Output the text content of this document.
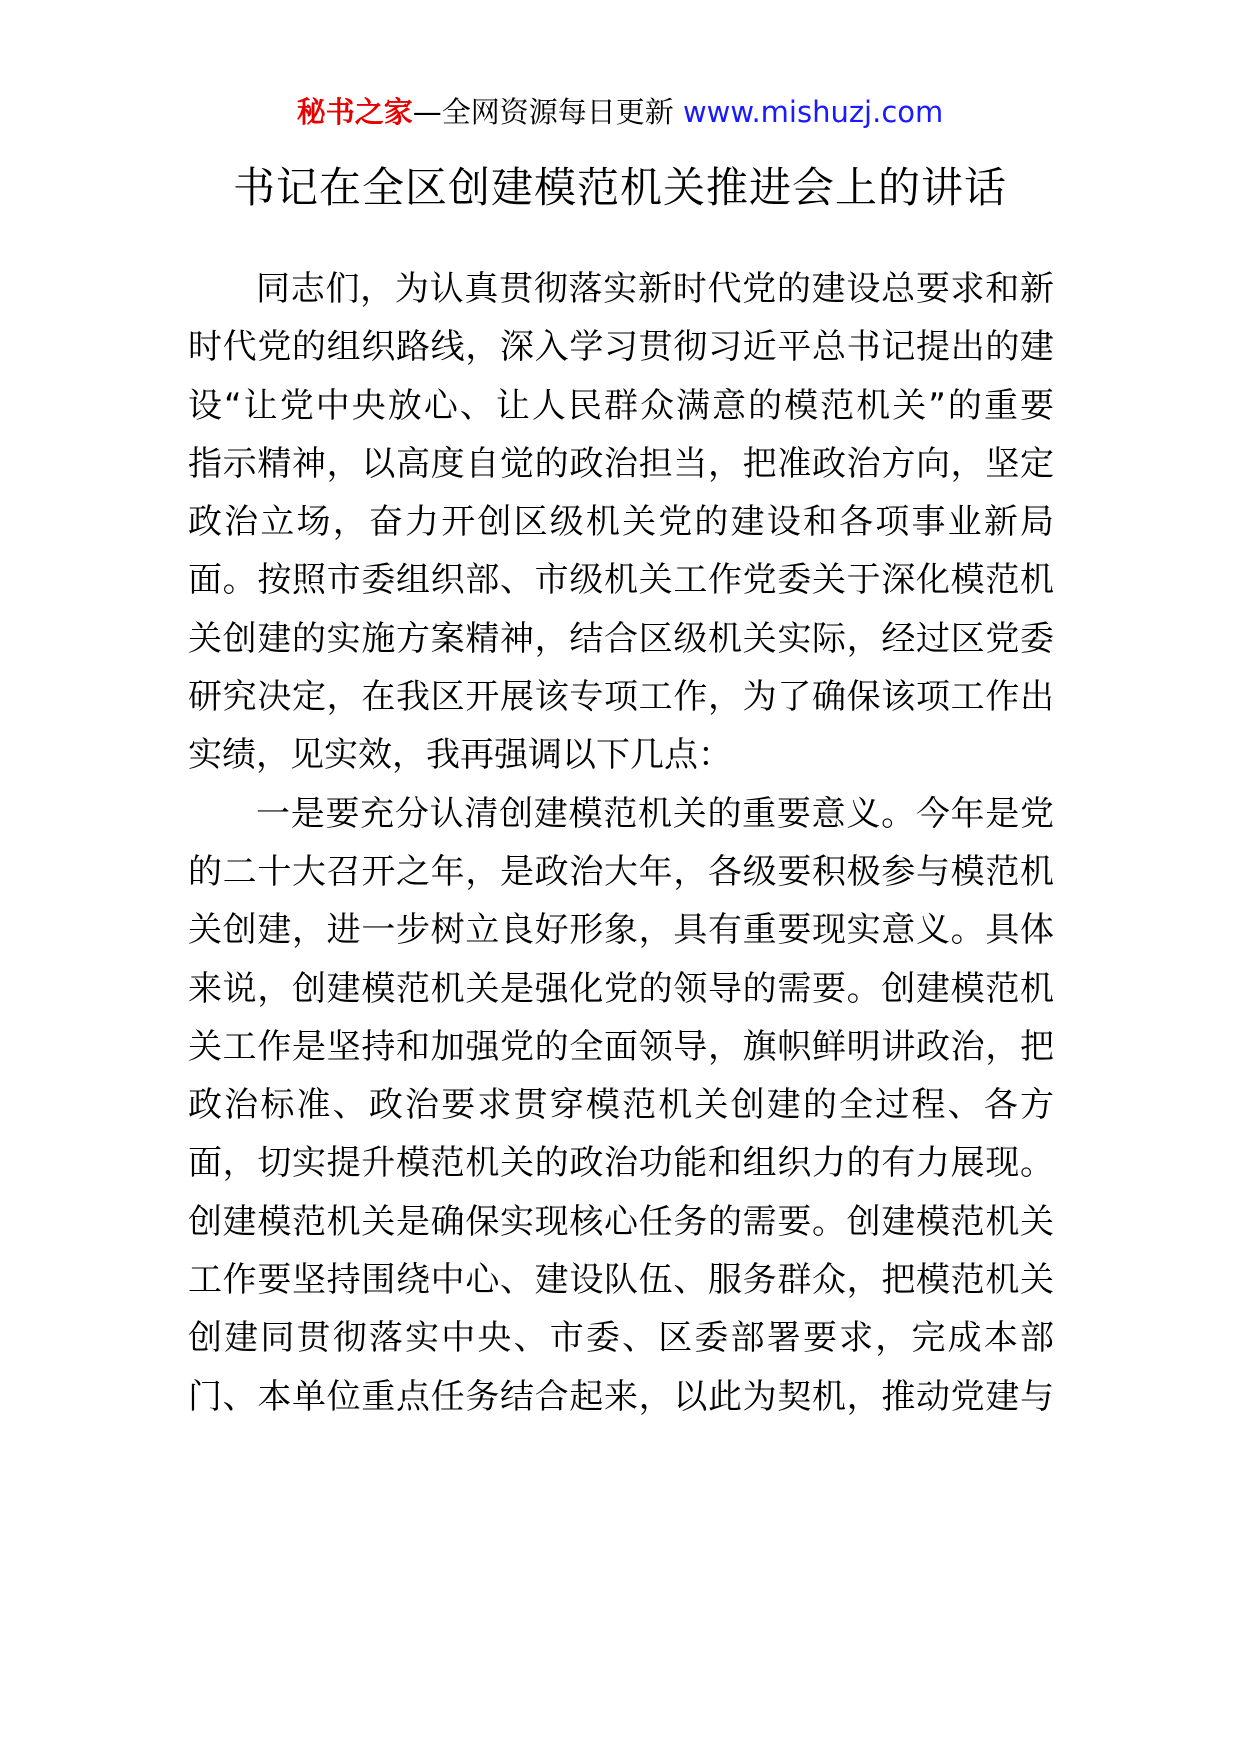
秘书之家—全网资源每日更新 www.mishuzj.com
书记在全区创建模范机关推进会上的讲话
同志们，为认真贯彻落实新时代党的建设总要求和新
时代党的组织路线，深入学习贯彻习近平总书记提出的建
设“让党中央放心、让人民群众满意的模范机关”的重要
指示精神，以高度自觉的政治担当，把准政治方向，坚定
政治立场，奋力开创区级机关党的建设和各项事业新局
面。按照市委组织部、市级机关工作党委关于深化模范机
关创建的实施方案精神，结合区级机关实际，经过区党委
研究决定，在我区开展该专项工作，为了确保该项工作出
实绩，见实效，我再强调以下几点：
一是要充分认清创建模范机关的重要意义。今年是党
的二十大召开之年，是政治大年，各级要积极参与模范机
关创建，进一步树立良好形象，具有重要现实意义。具体
来说，创建模范机关是强化党的领导的需要。创建模范机
关工作是坚持和加强党的全面领导，旗帜鲜明讲政治，把
政治标准、政治要求贯穿模范机关创建的全过程、各方
面，切实提升模范机关的政治功能和组织力的有力展现。
创建模范机关是确保实现核心任务的需要。创建模范机关
工作要坚持围绕中心、建设队伍、服务群众，把模范机关
创建同贯彻落实中央、市委、区委部署要求，完成本部
门、本单位重点任务结合起来，以此为契机，推动党建与
